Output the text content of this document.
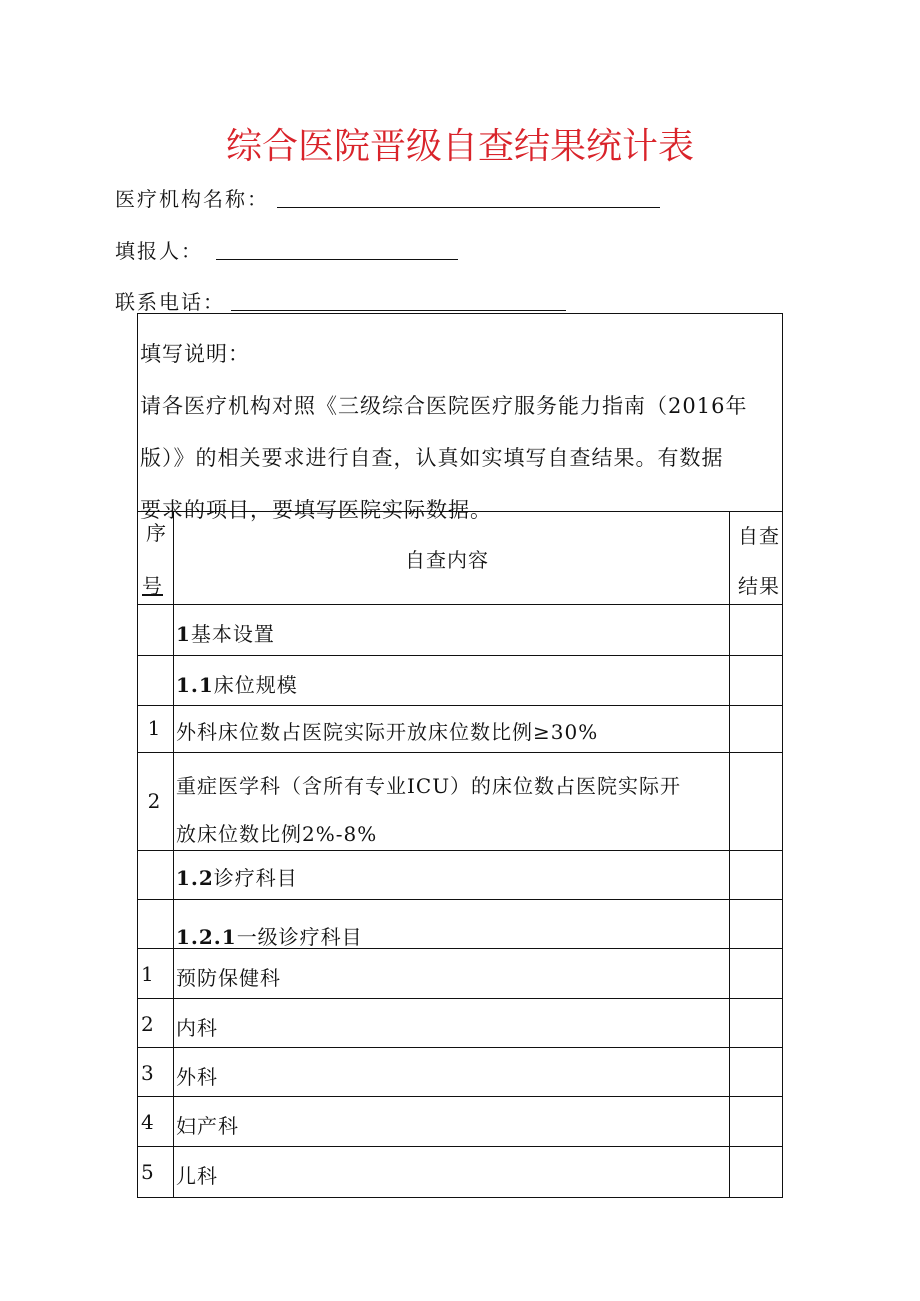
综合医院晋级自查结果统计表
医疗机构名称：
填报人：
联系电话：

填写说明：

请各医疗机构对照《三级综合医院医疗服务能力指南（2016年

版）》的相关要求进行自查，认真如实填写自查结果。有数据

要求的项目，要填写医院实际数据。

序
号
自查内容
自查
结果
1基本设置
1.1床位规模
1 外科床位数占医院实际开放床位数比例≥30%
2
重症医学科（含所有专业ICU）的床位数占医院实际开
放床位数比例2%-8%
1.2诊疗科目
1.2.1一级诊疗科目
1 预防保健科
2 内科
3 外科
4 妇产科
5 儿科
